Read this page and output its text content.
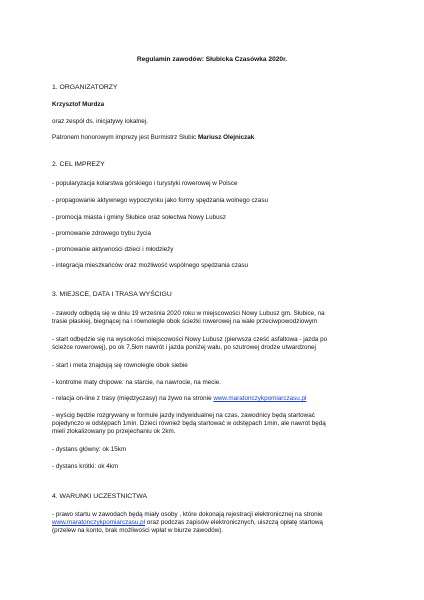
Regulamin zawodów: Słubicka Czasówka 2020r.
1. ORGANIZATORZY
Krzysztof Murdza
oraz zespół ds. inicjatywy lokalnej.
Patronem honorowym imprezy jest Burmistrz Słubic Mariusz Olejniczak
2. CEL IMPREZY
- popularyzacja kolarstwa górskiego i turystyki rowerowej w Polsce
- propagowanie aktywnego wypoczynku jako formy spędzania wolnego czasu
- promocja miasta i gminy Słubice oraz sołectwa Nowy Lubusz
- promowanie zdrowego trybu życia
- promowanie aktywności dzieci i młodzieży
- integracja mieszkańców oraz możliwość wspólnego spędzania czasu
3. MIEJSCE, DATA I TRASA WYŚCIGU

- zawody odbędą się w dniu 19 września 2020 roku w miejscowości Nowy Lubusz gm. Słubice, na

trasie płaskiej, biegnącej na i równolegle obok ścieżki rowerowej na wale przeciwpowodziowym

- start odbędzie się na wysokości miejscowości Nowy Lubusz (pierwsza cześć asfaltowa - jazda po

ścieżce rowerowej), po ok 7,5km nawrót i jazda poniżej wału, po szutrowej drodze utwardzonej

- start i meta znajdują się równolegle obok siebie
- kontrolne maty chipowe: na starcie, na nawrocie, na mecie.
- relacja on-line z trasy (międzyczasy) na żywo na stronie www.maratonczykpomiarczasu.pl

- wyścig będzie rozgrywany w formule jazdy indywidualnej na czas, zawodnicy będą startować

pojedynczo w odstępach 1min. Dzieci również będą startować w odstępach 1min, ale nawrót będą

mieli zlokalizowany po przejechaniu ok 2km.

- dystans główny: ok 15km
- dystans krótki: ok 4km
4. WARUNKI UCZESTNICTWA

- prawo startu w zawodach będą miały osoby , które dokonają rejestracji elektronicznej na stronie

www.maratonczykpomiarczasu.pl oraz podczas zapisów elektronicznych, uiszczą opłatę startową

(przelew na konto, brak możliwości wpłat w biurze zawodów).
